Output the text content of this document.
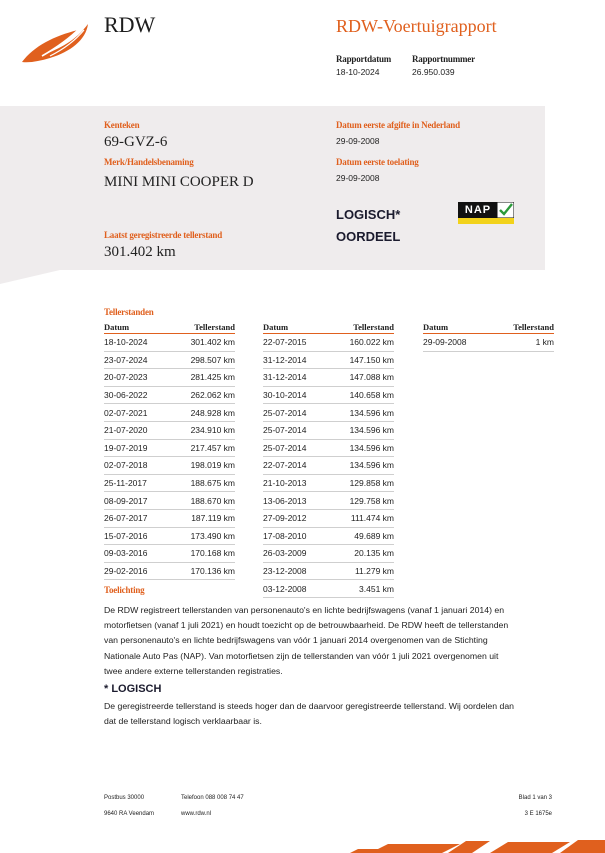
RDW	RDW-Voertuigrapport
Rapportdatum
18-10-2024
Rapportnummer
26.950.039
Kenteken
69-GVZ-6
Merk/Handelsbenaming
MINI MINI COOPER D
Laatst geregistreerde tellerstand
301.402 km
Datum eerste afgifte in Nederland
29-09-2008
Datum eerste toelating
29-09-2008
LOGISCH*
OORDEEL
NAP
Tellerstanden
Datum	Tellerstand
18-10-2024	301.402 km
23-07-2024	298.507 km
20-07-2023	281.425 km
30-06-2022	262.062 km
02-07-2021	248.928 km
21-07-2020	234.910 km
19-07-2019	217.457 km
02-07-2018	198.019 km
25-11-2017	188.675 km
08-09-2017	188.670 km
26-07-2017	187.119 km
15-07-2016	173.490 km
09-03-2016	170.168 km
29-02-2016	170.136 km
Datum	Tellerstand
22-07-2015	160.022 km
31-12-2014	147.150 km
31-12-2014	147.088 km
30-10-2014	140.658 km
25-07-2014	134.596 km
25-07-2014	134.596 km
25-07-2014	134.596 km
22-07-2014	134.596 km
21-10-2013	129.858 km
13-06-2013	129.758 km
27-09-2012	111.474 km
17-08-2010	49.689 km
26-03-2009	20.135 km
23-12-2008	11.279 km
03-12-2008	3.451 km
Datum	Tellerstand
29-09-2008	1 km
Toelichting
De RDW registreert tellerstanden van personenauto's en lichte bedrijfswagens (vanaf 1 januari 2014) en
motorfietsen (vanaf 1 juli 2021) en houdt toezicht op de betrouwbaarheid. De RDW heeft de tellerstanden
van personenauto's en lichte bedrijfswagens van vóór 1 januari 2014 overgenomen van de Stichting
Nationale Auto Pas (NAP). Van motorfietsen zijn de tellerstanden van vóór 1 juli 2021 overgenomen uit
twee andere externe tellerstanden registraties.
* LOGISCH
De geregistreerde tellerstand is steeds hoger dan de daarvoor geregistreerde tellerstand. Wij oordelen dan
dat de tellerstand logisch verklaarbaar is.
Postbus 30000
9640 RA Veendam
Telefoon 088 008 74 47
www.rdw.nl
Blad 1 van 3
3 E 1675e
